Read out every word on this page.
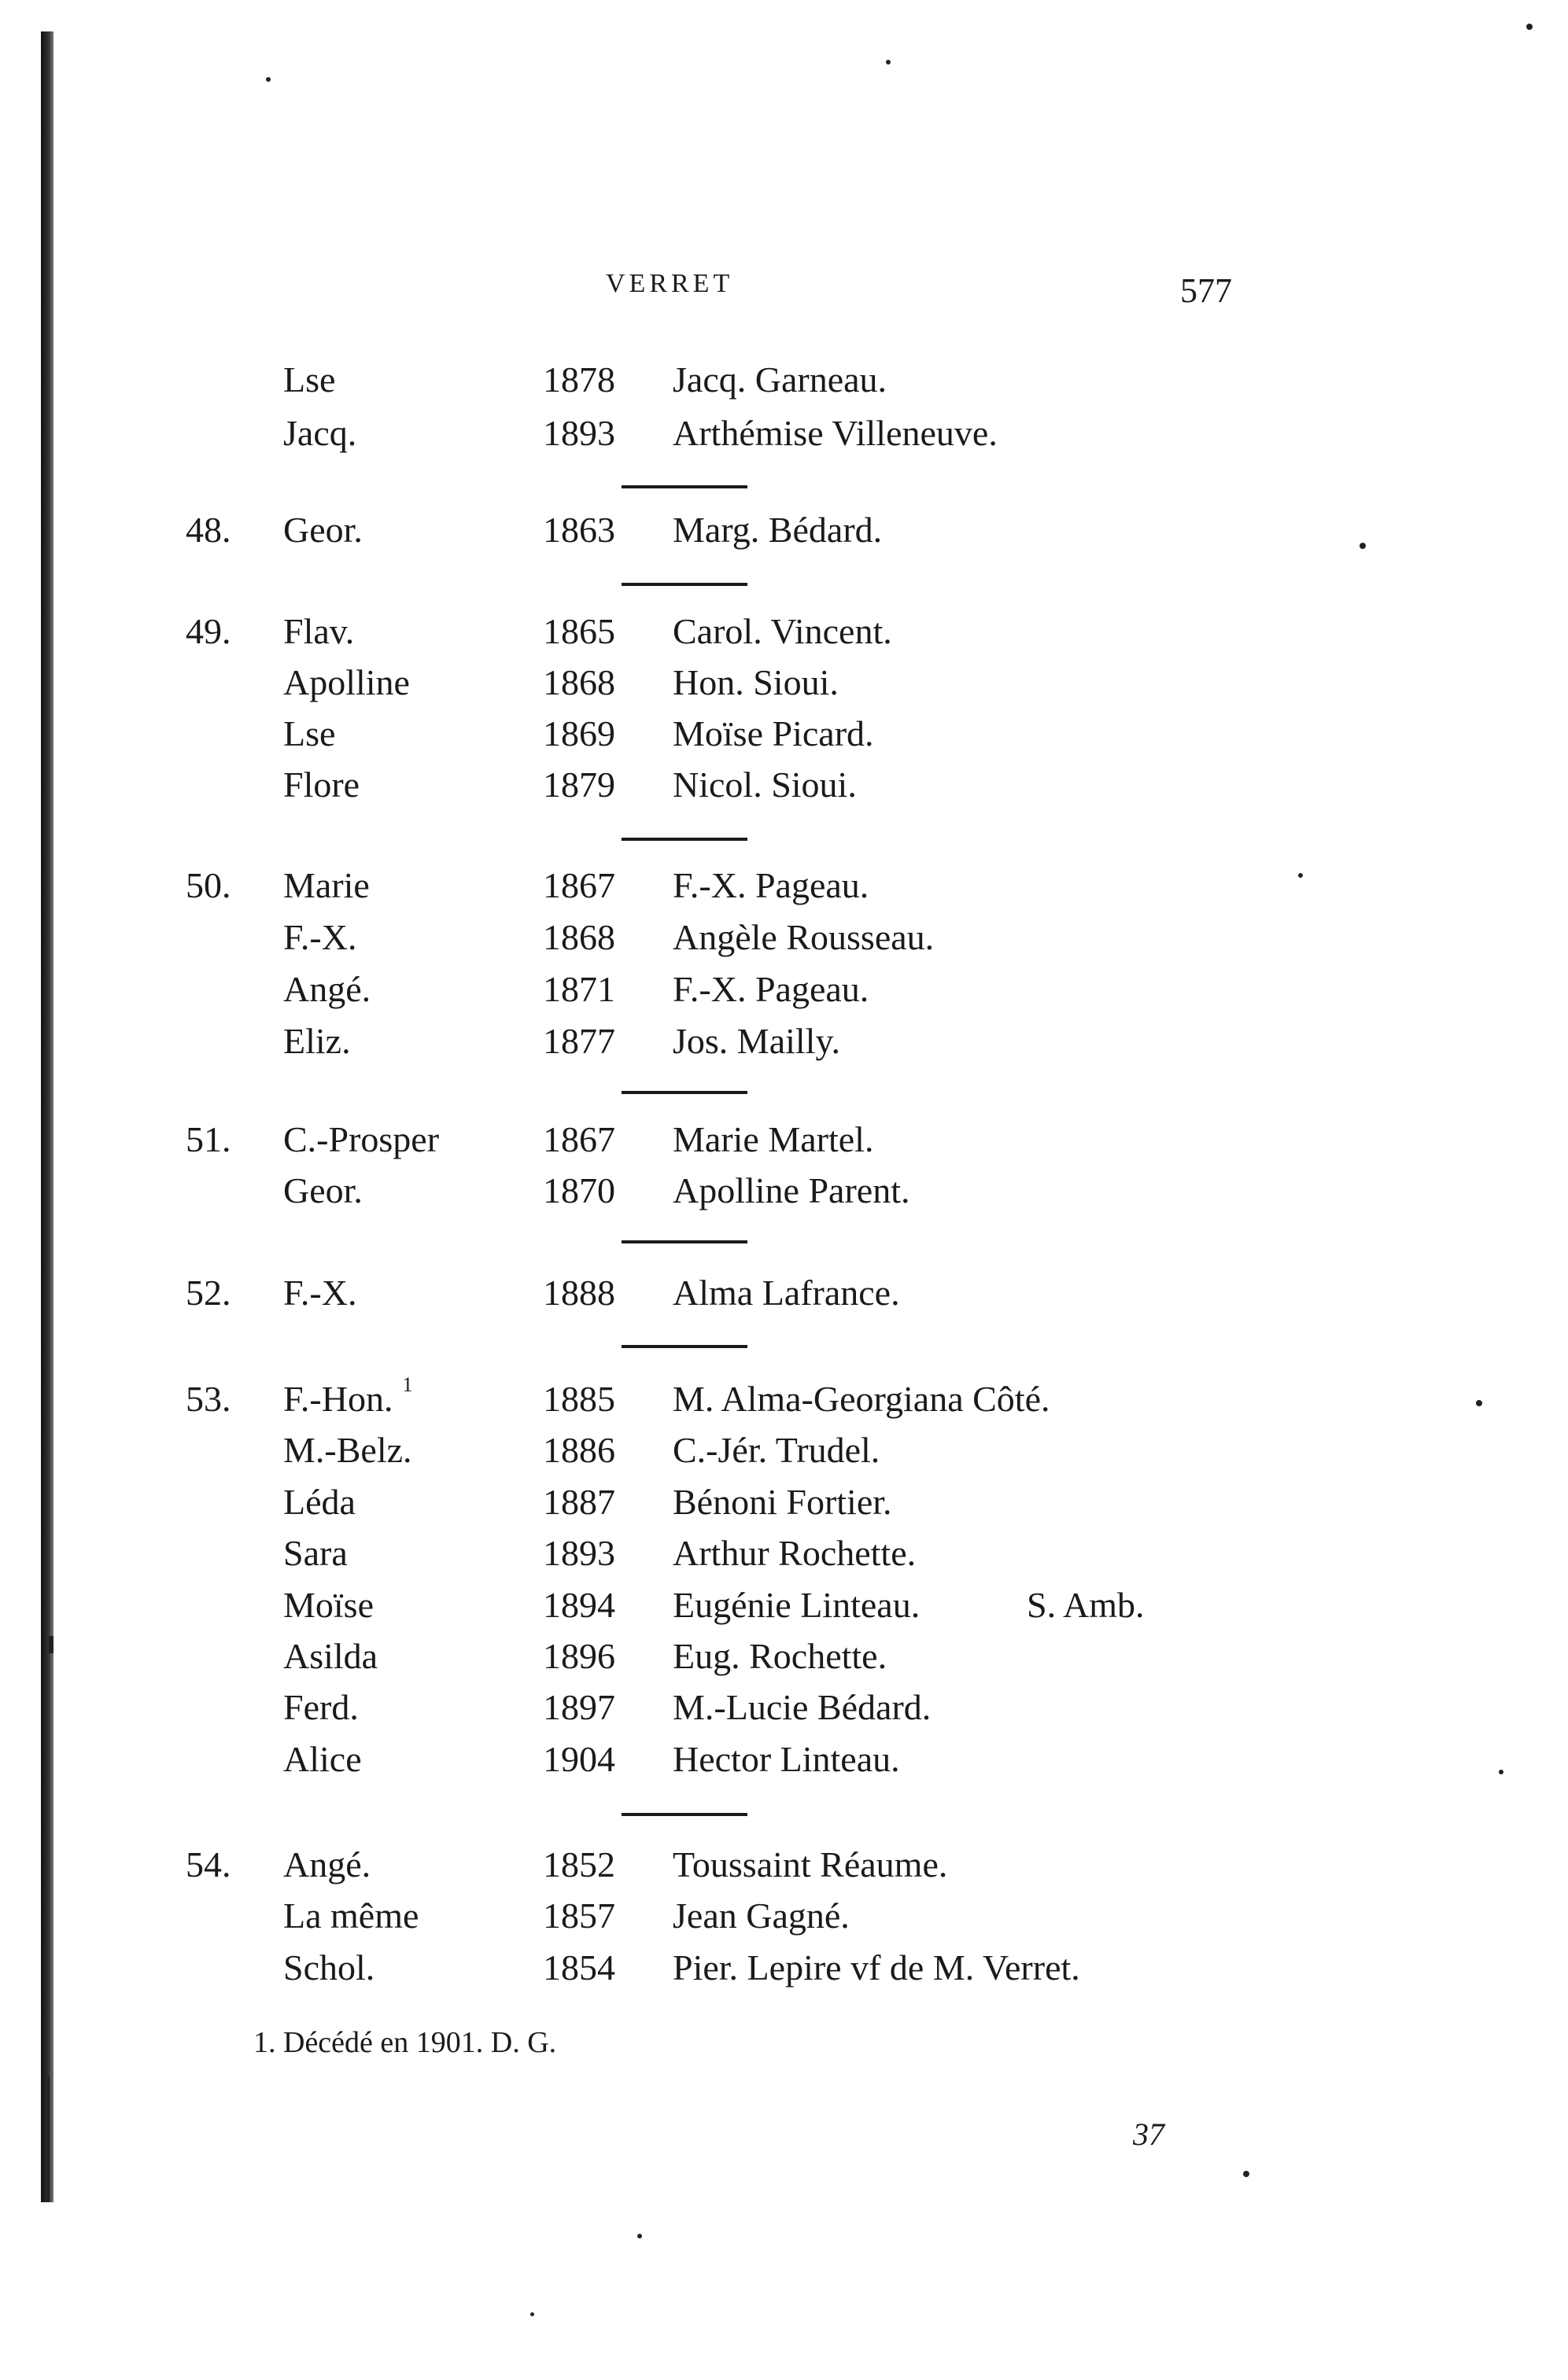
VERRET	577
Lse	1878 Jacq. Garneau.
Jacq.	1893 Arthémise Villeneuve.
48. Geor.	1863 Marg. Bédard.
49. Flav.	1865 Carol. Vincent.
Apolline	1868 Hon. Sioui.
Lse	1869 Moïse Picard.
Flore	1879 Nicol. Sioui.
50. Marie	1867 F.-X. Pageau.
F.-X.	1868 Angèle Rousseau.
Angé.	1871 F.-X. Pageau.
Eliz.	1877 Jos. Mailly.
51. C.-Prosper	1867 Marie Martel.
Geor.	1870 Apolline Parent.
52. F.-X.	1888 Alma Lafrance.
53. F.-Hon. $^1$	1885 M. Alma-Georgiana Côté.
M.-Belz.	1886 C.-Jér. Trudel.
Léda	1887 Bénoni Fortier.
Sara	1893 Arthur Rochette.
Moïse	1894 Eugénie Linteau.	S. Amb.
Asilda	1896 Eug. Rochette.
Ferd.	1897 M.-Lucie Bédard.
Alice	1904 Hector Linteau.
54. Angé.	1852 Toussaint Réaume.
La même	1857 Jean Gagné.
Schol.	1854 Pier. Lepire vf de M. Verret.
1. Décédé en 1901. D. G.
37
